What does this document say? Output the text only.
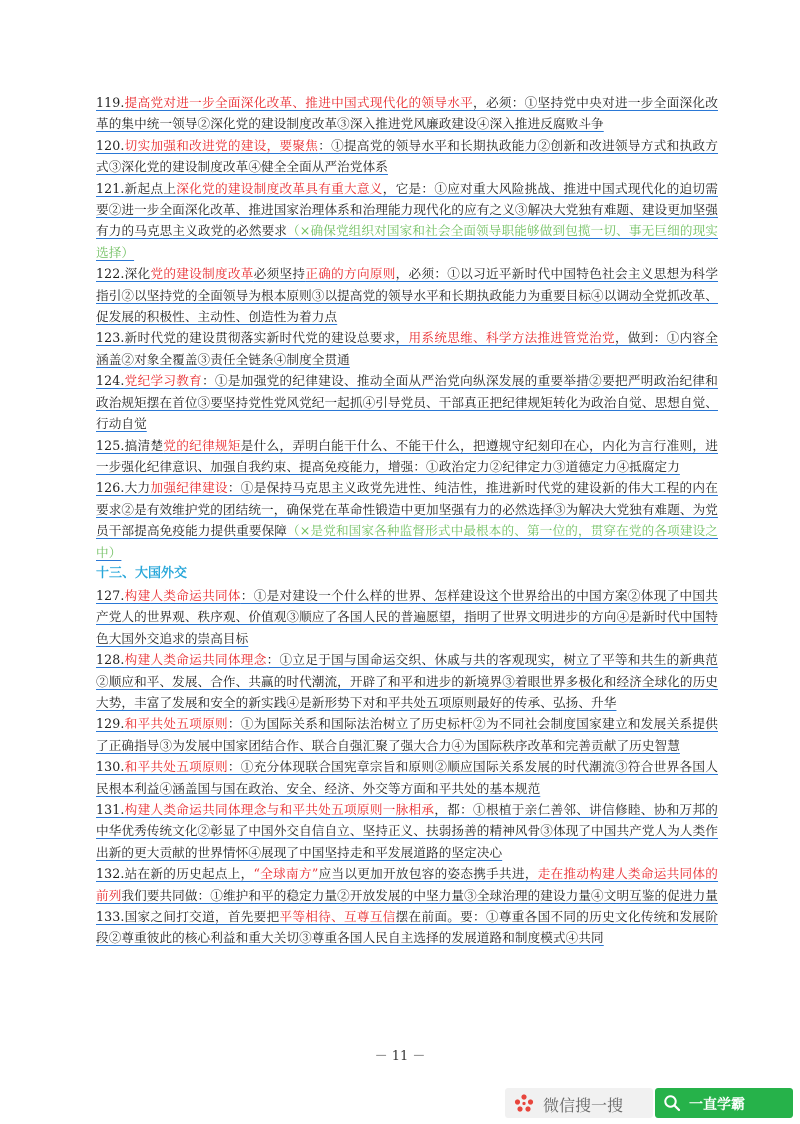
119.提高党对进一步全面深化改革、推进中国式现代化的领导水平，必须：①坚持党中央对进一步全面深化改革的集中统一领导②深化党的建设制度改革③深入推进党风廉政建设④深入推进反腐败斗争
120.切实加强和改进党的建设，要聚焦：①提高党的领导水平和长期执政能力②创新和改进领导方式和执政方式③深化党的建设制度改革④健全全面从严治党体系
121.新起点上深化党的建设制度改革具有重大意义，它是：①应对重大风险挑战、推进中国式现代化的迫切需要②进一步全面深化改革、推进国家治理体系和治理能力现代化的应有之义③解决大党独有难题、建设更加坚强有力的马克思主义政党的必然要求（×确保党组织对国家和社会全面领导职能够做到包揽一切、事无巨细的现实选择）
122.深化党的建设制度改革必须坚持正确的方向原则，必须：①以习近平新时代中国特色社会主义思想为科学指引②以坚持党的全面领导为根本原则③以提高党的领导水平和长期执政能力为重要目标④以调动全党抓改革、促发展的积极性、主动性、创造性为着力点
123.新时代党的建设贯彻落实新时代党的建设总要求，用系统思维、科学方法推进管党治党，做到：①内容全涵盖②对象全覆盖③责任全链条④制度全贯通
124.党纪学习教育：①是加强党的纪律建设、推动全面从严治党向纵深发展的重要举措②要把严明政治纪律和政治规矩摆在首位③要坚持党性党风党纪一起抓④引导党员、干部真正把纪律规矩转化为政治自觉、思想自觉、行动自觉
125.搞清楚党的纪律规矩是什么，弄明白能干什么、不能干什么，把遵规守纪刻印在心，内化为言行准则，进一步强化纪律意识、加强自我约束、提高免疫能力，增强：①政治定力②纪律定力③道德定力④抵腐定力
126.大力加强纪律建设：①是保持马克思主义政党先进性、纯洁性，推进新时代党的建设新的伟大工程的内在要求②是有效维护党的团结统一，确保党在革命性锻造中更加坚强有力的必然选择③为解决大党独有难题、为党员干部提高免疫能力提供重要保障（×是党和国家各种监督形式中最根本的、第一位的，贯穿在党的各项建设之中）
十三、大国外交
127.构建人类命运共同体：①是对建设一个什么样的世界、怎样建设这个世界给出的中国方案②体现了中国共产党人的世界观、秩序观、价值观③顺应了各国人民的普遍愿望，指明了世界文明进步的方向④是新时代中国特色大国外交追求的崇高目标
128.构建人类命运共同体理念：①立足于国与国命运交织、休戚与共的客观现实，树立了平等和共生的新典范②顺应和平、发展、合作、共赢的时代潮流，开辟了和平和进步的新境界③着眼世界多极化和经济全球化的历史大势，丰富了发展和安全的新实践④是新形势下对和平共处五项原则最好的传承、弘扬、升华
129.和平共处五项原则：①为国际关系和国际法治树立了历史标杆②为不同社会制度国家建立和发展关系提供了正确指导③为发展中国家团结合作、联合自强汇聚了强大合力④为国际秩序改革和完善贡献了历史智慧
130.和平共处五项原则：①充分体现联合国宪章宗旨和原则②顺应国际关系发展的时代潮流③符合世界各国人民根本利益④涵盖国与国在政治、安全、经济、外交等方面和平共处的基本规范
131.构建人类命运共同体理念与和平共处五项原则一脉相承，都：①根植于亲仁善邻、讲信修睦、协和万邦的中华优秀传统文化②彰显了中国外交自信自立、坚持正义、扶弱扬善的精神风骨③体现了中国共产党人为人类作出新的更大贡献的世界情怀④展现了中国坚持走和平发展道路的坚定决心
132.站在新的历史起点上，“全球南方”应当以更加开放包容的姿态携手共进，走在推动构建人类命运共同体的前列我们要共同做：①维护和平的稳定力量②开放发展的中坚力量③全球治理的建设力量④文明互鉴的促进力量
133.国家之间打交道，首先要把平等相待、互尊互信摆在前面。要：①尊重各国不同的历史文化传统和发展阶段②尊重彼此的核心利益和重大关切③尊重各国人民自主选择的发展道路和制度模式④共同
－ 11 －
微信搜一搜	一直学霸
